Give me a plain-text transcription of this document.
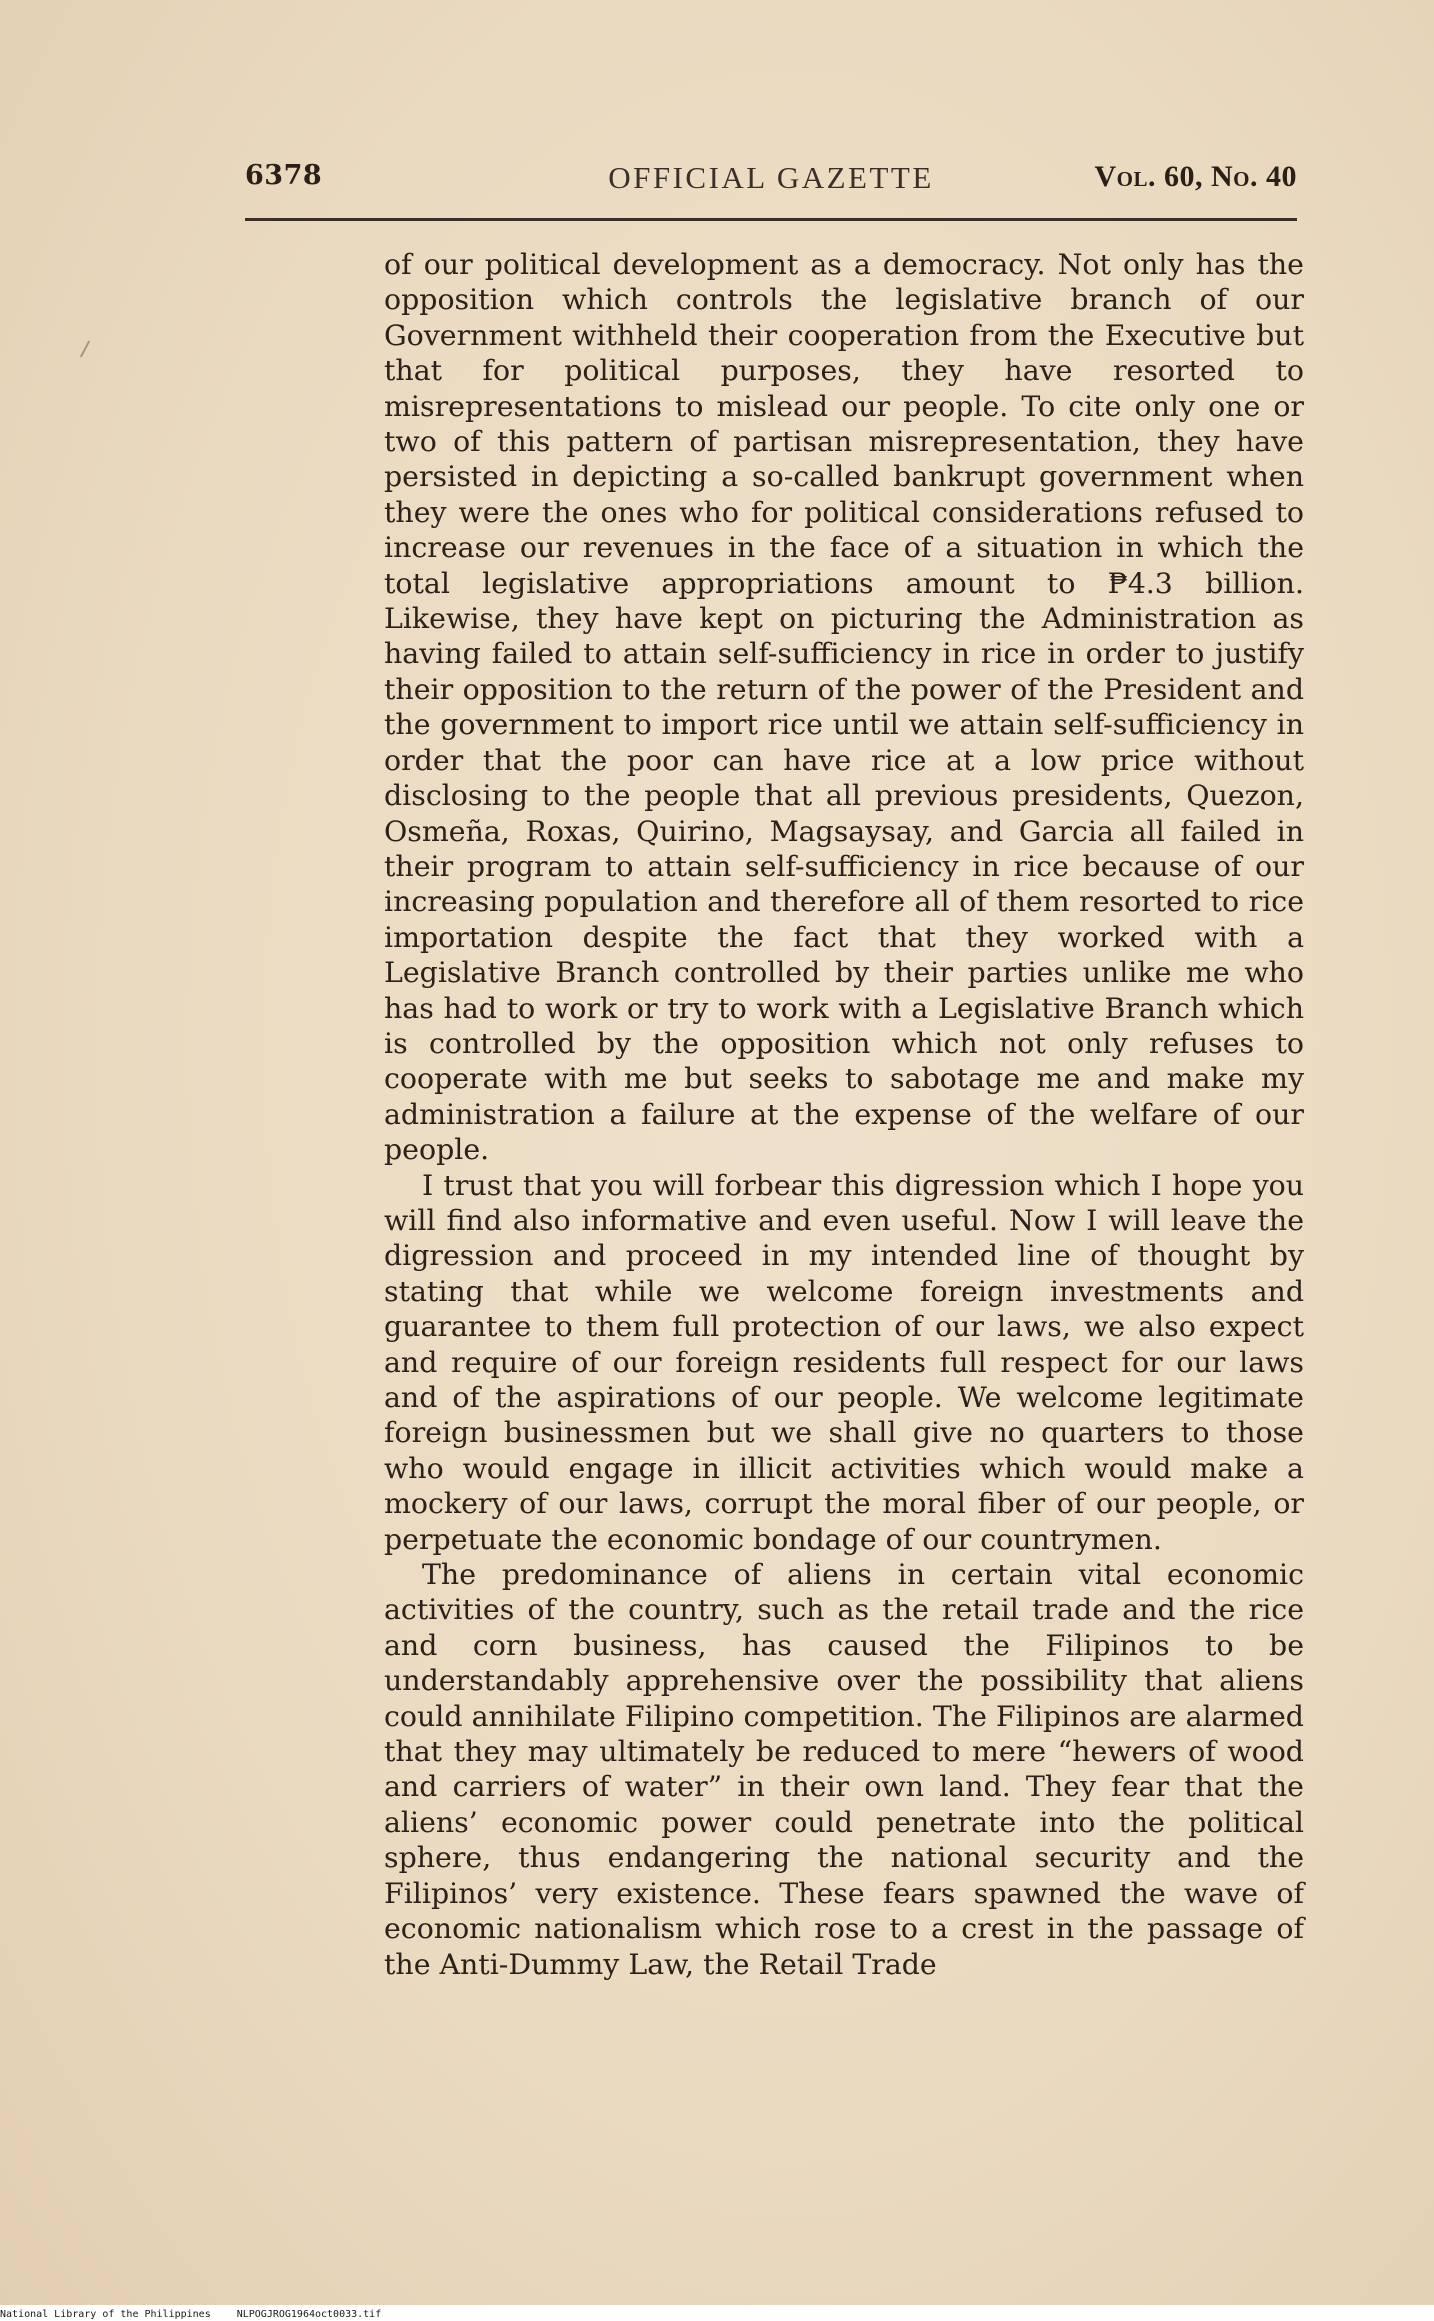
6378	OFFICIAL GAZETTE	Vol. 60, No. 40

of our political development as a democracy. Not only has the opposition which controls the legislative branch of our Government withheld their cooperation from the Executive but that for political purposes, they have resorted to misrepresentations to mislead our people. To cite only one or two of this pattern of partisan misrepresentation, they have persisted in depicting a so-called bankrupt government when they were the ones who for political considerations refused to increase our revenues in the face of a situation in which the total legislative appropriations amount to ₱4.3 billion. Likewise, they have kept on picturing the Administration as having failed to attain self-sufficiency in rice in order to justify their opposition to the return of the power of the President and the government to import rice until we attain self-sufficiency in order that the poor can have rice at a low price without disclosing to the people that all previous presidents, Quezon, Osmeña, Roxas, Quirino, Magsaysay, and Garcia all failed in their program to attain self-sufficiency in rice because of our increasing population and therefore all of them resorted to rice importation despite the fact that they worked with a Legislative Branch controlled by their parties unlike me who has had to work or try to work with a Legislative Branch which is controlled by the opposition which not only refuses to cooperate with me but seeks to sabotage me and make my administration a failure at the expense of the welfare of our people.

I trust that you will forbear this digression which I hope you will find also informative and even useful. Now I will leave the digression and proceed in my intended line of thought by stating that while we welcome foreign investments and guarantee to them full protection of our laws, we also expect and require of our foreign residents full respect for our laws and of the aspirations of our people. We welcome legitimate foreign businessmen but we shall give no quarters to those who would engage in illicit activities which would make a mockery of our laws, corrupt the moral fiber of our people, or perpetuate the economic bondage of our countrymen.

The predominance of aliens in certain vital economic activities of the country, such as the retail trade and the rice and corn business, has caused the Filipinos to be understandably apprehensive over the possibility that aliens could annihilate Filipino competition. The Filipinos are alarmed that they may ultimately be reduced to mere “hewers of wood and carriers of water” in their own land. They fear that the aliens’ economic power could penetrate into the political sphere, thus endangering the national security and the Filipinos’ very existence. These fears spawned the wave of economic nationalism which rose to a crest in the passage of the Anti-Dummy Law, the Retail Trade

National Library of the Philippines	NLPOGJROG1964oct0033.tif
